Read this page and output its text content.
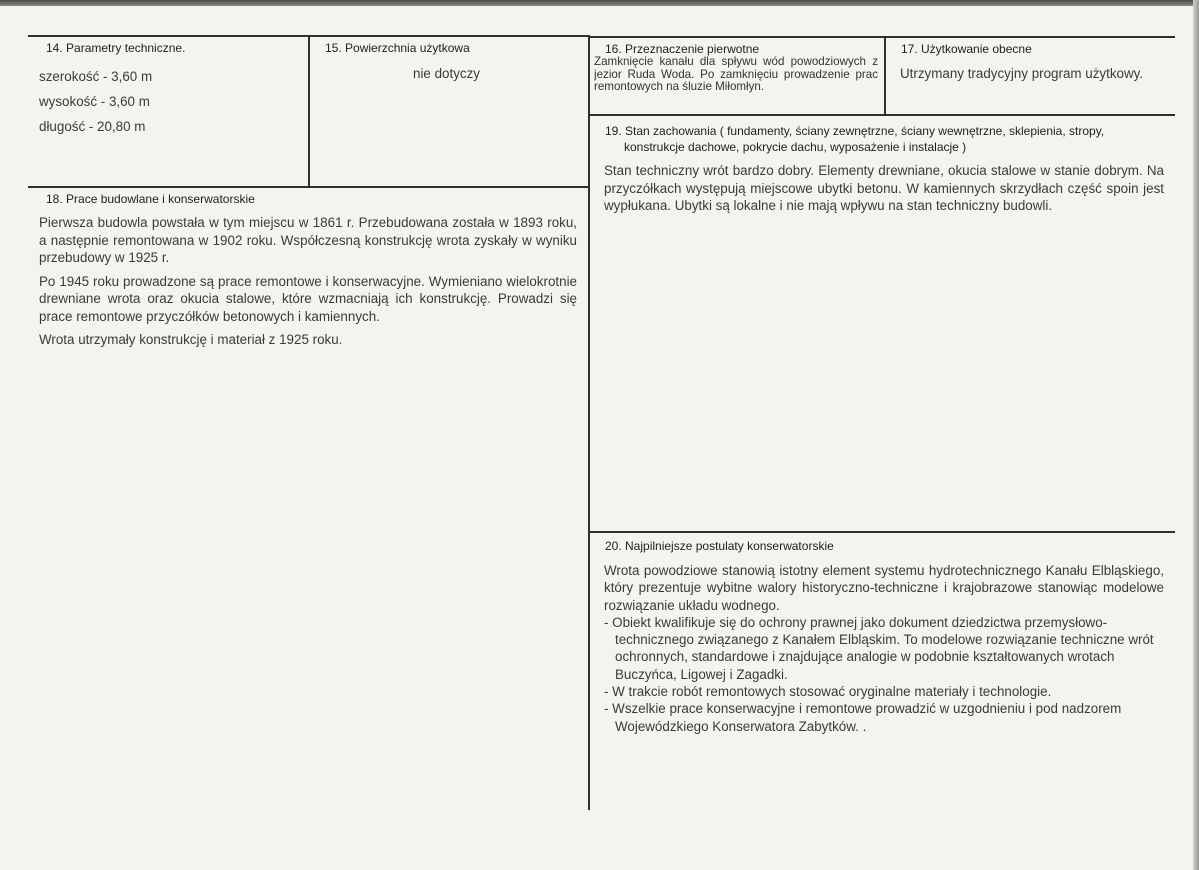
14. Parametry techniczne.
szerokość - 3,60 m
wysokość - 3,60 m
długość - 20,80 m
15. Powierzchnia użytkowa
nie dotyczy
16. Przeznaczenie pierwotne
Zamknięcie kanału dla spływu wód powodziowych z jezior Ruda Woda. Po zamknięciu prowadzenie prac remontowych na śluzie Miłomłyn.
17. Użytkowanie obecne
Utrzymany tradycyjny program użytkowy.
18. Prace budowlane i konserwatorskie

Pierwsza budowla powstała w tym miejscu w 1861 r. Przebudowana została w 1893 roku, a następnie remontowana w 1902 roku. Współczesną konstrukcję wrota zyskały w wyniku przebudowy w 1925 r.

Po 1945 roku prowadzone są prace remontowe i konserwacyjne. Wymieniano wielokrotnie drewniane wrota oraz okucia stalowe, które wzmacniają ich konstrukcję. Prowadzi się prace remontowe przyczółków betonowych i kamiennych.

Wrota utrzymały konstrukcję i materiał z 1925 roku.

19. Stan zachowania ( fundamenty, ściany zewnętrzne, ściany wewnętrzne, sklepienia, stropy,
konstrukcje dachowe, pokrycie dachu, wyposażenie i instalacje )
Stan techniczny wrót bardzo dobry. Elementy drewniane, okucia stalowe w stanie dobrym. Na przyczółkach występują miejscowe ubytki betonu. W kamiennych skrzydłach część spoin jest wypłukana. Ubytki są lokalne i nie mają wpływu na stan techniczny budowli.
20. Najpilniejsze postulaty konserwatorskie

Wrota powodziowe stanowią istotny element systemu hydrotechnicznego Kanału Elbląskiego, który prezentuje wybitne walory historyczno-techniczne i krajobrazowe stanowiąc modelowe rozwiązanie układu wodnego.

- Obiekt kwalifikuje się do ochrony prawnej jako dokument dziedzictwa przemysłowo-technicznego związanego z Kanałem Elbląskim. To modelowe rozwiązanie techniczne wrót ochronnych, standardowe i znajdujące analogie w podobnie kształtowanych wrotach Buczyńca, Ligowej i Zagadki.

- W trakcie robót remontowych stosować oryginalne materiały i technologie.

- Wszelkie prace konserwacyjne i remontowe prowadzić w uzgodnieniu i pod nadzorem Wojewódzkiego Konserwatora Zabytków. .
